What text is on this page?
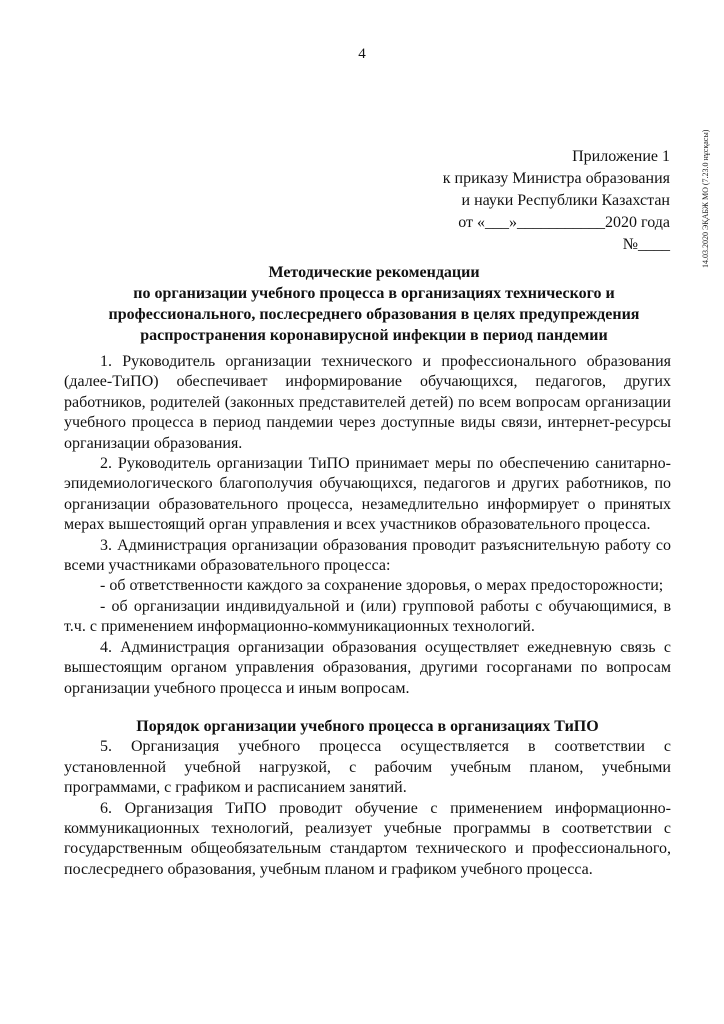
4
14.03.2020 ЭҚАБЖ МО (7.23.0 нұсқасы)
Приложение 1
к приказу Министра образования
и науки Республики Казахстан
от «___»___________2020 года
№____
Методические рекомендации
по организации учебного процесса в организациях технического и
профессионального, послесреднего образования в целях предупреждения
распространения коронавирусной инфекции в период пандемии

1. Руководитель организации технического и профессионального образования (далее-ТиПО) обеспечивает информирование обучающихся, педагогов, других работников, родителей (законных представителей детей) по всем вопросам организации учебного процесса в период пандемии через доступные виды связи, интернет-ресурсы организации образования.

2. Руководитель организации ТиПО принимает меры по обеспечению санитарно-эпидемиологического благополучия обучающихся, педагогов и других работников, по организации образовательного процесса, незамедлительно информирует о принятых мерах вышестоящий орган управления и всех участников образовательного процесса.

3. Администрация организации образования проводит разъяснительную работу со всеми участниками образовательного процесса:

- об ответственности каждого за сохранение здоровья, о мерах предосторожности;

- об организации индивидуальной и (или) групповой работы с обучающимися, в т.ч. с применением информационно-коммуникационных технологий.

4. Администрация организации образования осуществляет ежедневную связь с вышестоящим органом управления образования, другими госорганами по вопросам организации учебного процесса и иным вопросам.

Порядок организации учебного процесса в организациях ТиПО

5. Организация учебного процесса осуществляется в соответствии с установленной учебной нагрузкой, с рабочим учебным планом, учебными программами, с графиком и расписанием занятий.

6. Организация ТиПО проводит обучение с применением информационно-коммуникационных технологий, реализует учебные программы в соответствии с государственным общеобязательным стандартом технического и профессионального, послесреднего образования, учебным планом и графиком учебного процесса.
